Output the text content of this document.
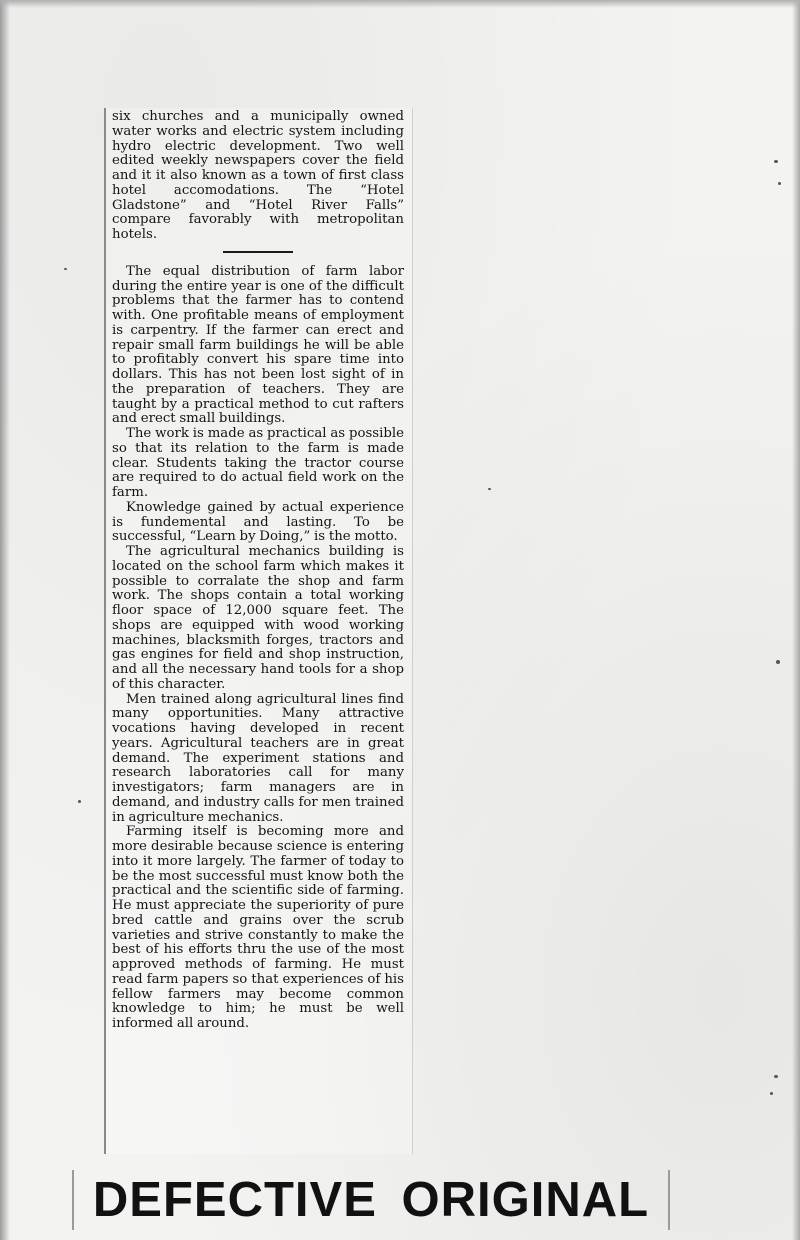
six churches and a municipally owned water works and electric system including hydro electric development. Two well edited weekly newspapers cover the field and it it also known as a town of first class hotel accomodations. The “Hotel Gladstone” and “Hotel River Falls” compare favorably with metropolitan hotels.

The equal distribution of farm labor during the entire year is one of the difficult problems that the farmer has to contend with. One profitable means of employment is carpentry. If the farmer can erect and repair small farm buildings he will be able to profitably convert his spare time into dollars. This has not been lost sight of in the preparation of teachers. They are taught by a practical method to cut rafters and erect small buildings.

The work is made as practical as possible so that its relation to the farm is made clear. Students taking the tractor course are required to do actual field work on the farm.

Knowledge gained by actual experience is fundemental and lasting. To be successful, “Learn by Doing,” is the motto.

The agricultural mechanics building is located on the school farm which makes it possible to corralate the shop and farm work. The shops contain a total working floor space of 12,000 square feet. The shops are equipped with wood working machines, blacksmith forges, tractors and gas engines for field and shop instruction, and all the necessary hand tools for a shop of this character.

Men trained along agricultural lines find many opportunities. Many attractive vocations having developed in recent years. Agricultural teachers are in great demand. The experiment stations and research laboratories call for many investigators; farm managers are in demand, and industry calls for men trained in agriculture mechanics.

Farming itself is becoming more and more desirable because science is entering into it more largely. The farmer of today to be the most successful must know both the practical and the scientific side of farming. He must appreciate the superiority of pure bred cattle and grains over the scrub varieties and strive constantly to make the best of his efforts thru the use of the most approved methods of farming. He must read farm papers so that experiences of his fellow farmers may become common knowledge to him; he must be well informed all around.

DEFECTIVE ORIGINAL
